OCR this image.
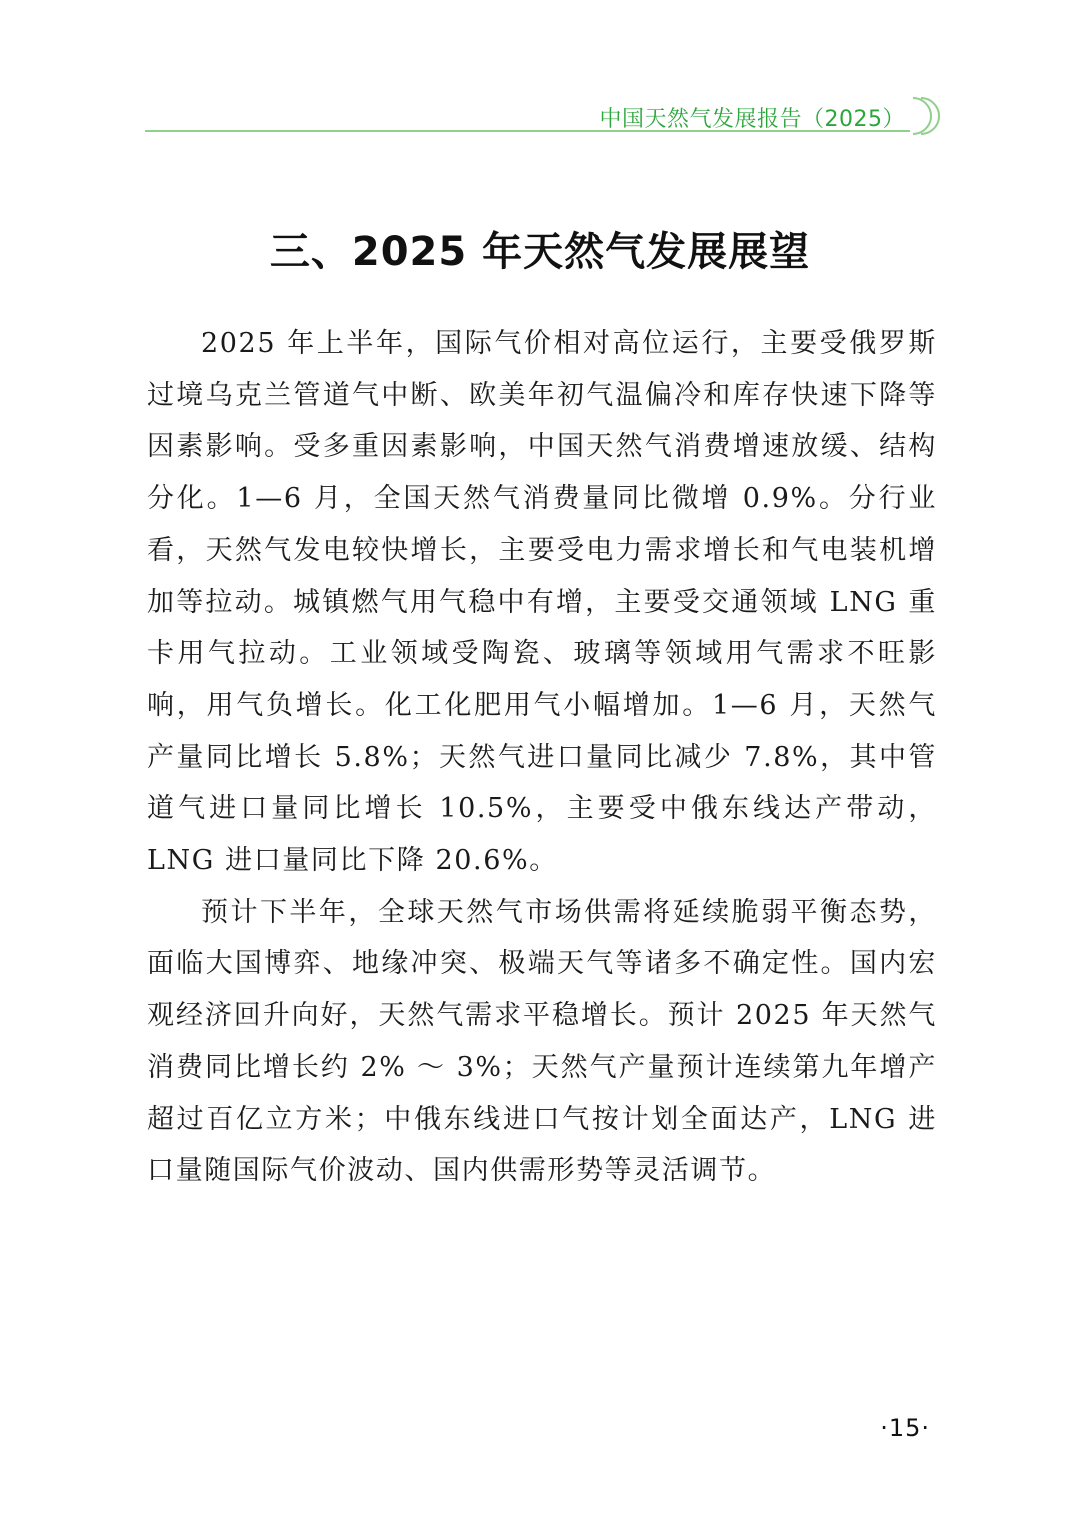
中国天然气发展报告（2025）
三、2025 年天然气发展展望

2025 年上半年，国际气价相对高位运行，主要受俄罗斯过境乌克兰管道气中断、欧美年初气温偏冷和库存快速下降等因素影响。受多重因素影响，中国天然气消费增速放缓、结构分化。1—6 月，全国天然气消费量同比微增 0.9%。分行业看，天然气发电较快增长，主要受电力需求增长和气电装机增加等拉动。城镇燃气用气稳中有增，主要受交通领域 LNG 重卡用气拉动。工业领域受陶瓷、玻璃等领域用气需求不旺影响，用气负增长。化工化肥用气小幅增加。1—6 月，天然气产量同比增长 5.8%；天然气进口量同比减少 7.8%，其中管道气进口量同比增长 10.5%，主要受中俄东线达产带动，LNG 进口量同比下降 20.6%。

预计下半年，全球天然气市场供需将延续脆弱平衡态势，面临大国博弈、地缘冲突、极端天气等诸多不确定性。国内宏观经济回升向好，天然气需求平稳增长。预计 2025 年天然气消费同比增长约 2% ～ 3%；天然气产量预计连续第九年增产超过百亿立方米；中俄东线进口气按计划全面达产，LNG 进口量随国际气价波动、国内供需形势等灵活调节。

·15·
